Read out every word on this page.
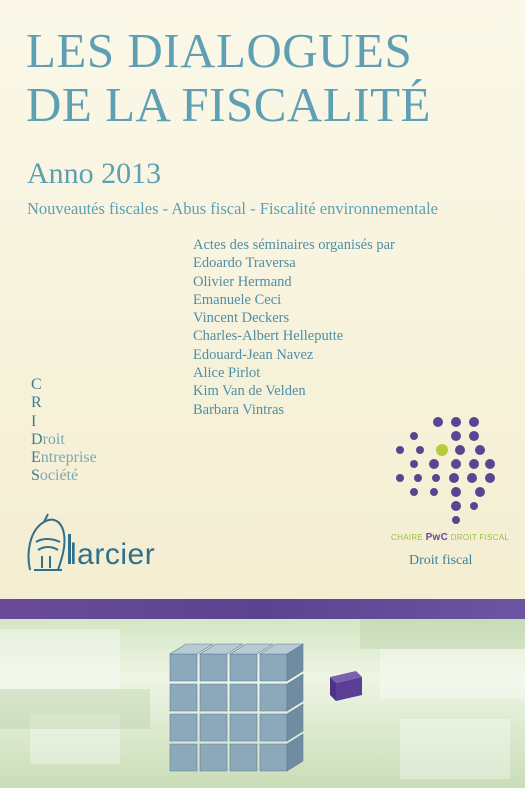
LES DIALOGUES
DE LA FISCALITÉ
Anno 2013
Nouveautés fiscales - Abus fiscal - Fiscalité environnementale
Actes des séminaires organisés par
Edoardo Traversa
Olivier Hermand
Emanuele Ceci
Vincent Deckers
Charles-Albert Helleputte
Edouard-Jean Navez
Alice Pirlot
Kim Van de Velden
Barbara Vintras
C
R
I
Droit
Entreprise
Société
larcier
CHAIRE PwC DROIT FISCAL
Droit fiscal
